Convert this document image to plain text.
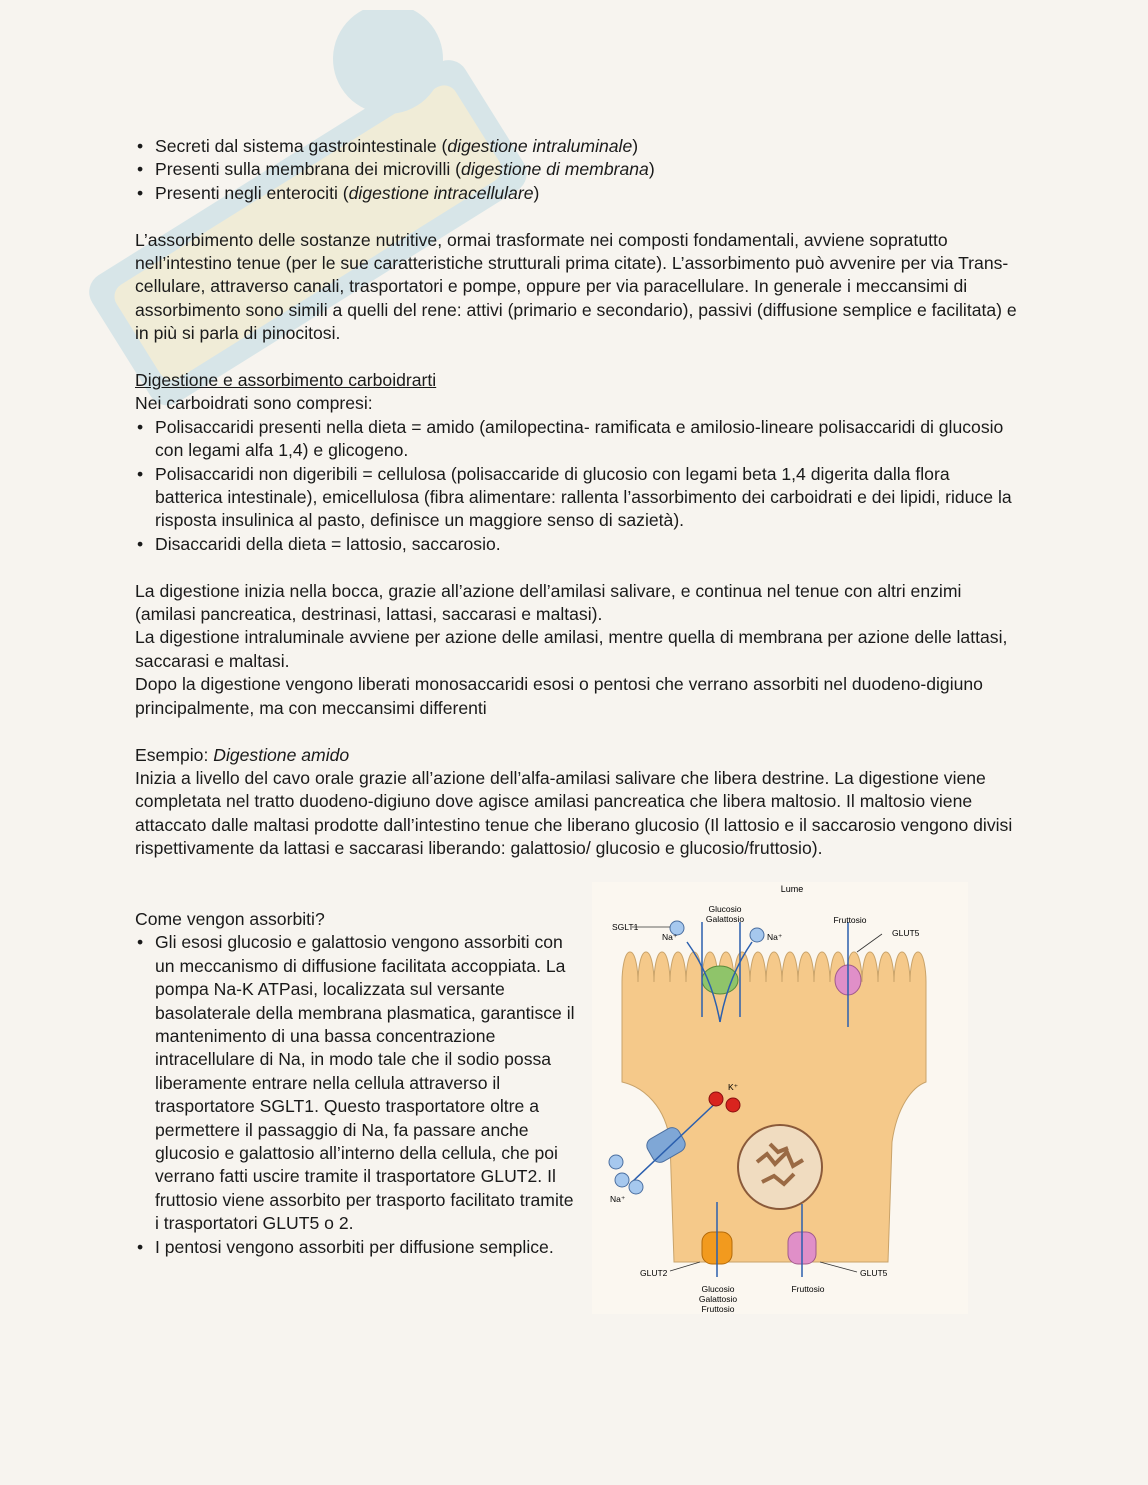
• Secreti dal sistema gastrointestinale (digestione intraluminale)
• Presenti sulla membrana dei microvilli (digestione di membrana)
• Presenti negli enterociti (digestione intracellulare)

L’assorbimento delle sostanze nutritive, ormai trasformate nei composti fondamentali, avviene sopratutto nell’intestino tenue (per le sue caratteristiche strutturali prima citate). L’assorbimento può avvenire per via Trans-cellulare, attraverso canali, trasportatori e pompe, oppure per via paracellulare. In generale i meccansimi di assorbimento sono simili a quelli del rene: attivi (primario e secondario), passivi (diffusione semplice e facilitata) e in più si parla di pinocitosi.

Digestione e assorbimento carboidrarti

Nei carboidrati sono compresi:

• Polisaccaridi presenti nella dieta = amido (amilopectina- ramificata e amilosio-lineare polisaccaridi di glucosio con legami alfa 1,4) e glicogeno.
• Polisaccaridi non digeribili = cellulosa (polisaccaride di glucosio con legami beta 1,4 digerita dalla flora batterica intestinale), emicellulosa (fibra alimentare: rallenta l’assorbimento dei carboidrati e dei lipidi, riduce la risposta insulinica al pasto, definisce un maggiore senso di sazietà).
• Disaccaridi della dieta = lattosio, saccarosio.

La digestione inizia nella bocca, grazie all’azione dell’amilasi salivare, e continua nel tenue con altri enzimi (amilasi pancreatica, destrinasi, lattasi, saccarasi e maltasi).

La digestione intraluminale avviene per azione delle amilasi, mentre quella di membrana per azione delle lattasi, saccarasi e maltasi.

Dopo la digestione vengono liberati monosaccaridi esosi o pentosi che verrano assorbiti nel duodeno-digiuno principalmente, ma con meccansimi differenti

Esempio: Digestione amido

Inizia a livello del cavo orale grazie all’azione dell’alfa-amilasi salivare che libera destrine. La digestione viene completata nel tratto duodeno-digiuno dove agisce amilasi pancreatica che libera maltosio. Il maltosio viene attaccato dalle maltasi prodotte dall’intestino tenue che liberano glucosio (Il lattosio e il saccarosio vengono divisi rispettivamente da lattasi e saccarasi liberando: galattosio/ glucosio e glucosio/fruttosio).

Come vengon assorbiti?

• Gli esosi glucosio e galattosio vengono assorbiti con un meccanismo di diffusione facilitata accoppiata. La pompa Na-K ATPasi, localizzata sul versante basolaterale della membrana plasmatica, garantisce il mantenimento di una bassa concentrazione intracellulare di Na, in modo tale che il sodio possa liberamente entrare nella cellula attraverso il trasportatore SGLT1. Questo trasportatore oltre a permettere il passaggio di Na, fa passare anche glucosio e galattosio all’interno della cellula, che poi verrano fatti uscire tramite il trasportatore GLUT2. Il fruttosio viene assorbito per trasporto facilitato tramite i trasportatori GLUT5 o 2.
• I pentosi vengono assorbiti per diffusione semplice.
Lume
Glucosio
Galattosio	Fruttosio
SGLT1
GLUT5
Na⁺	Na⁺
K⁺
Na⁺
GLUT2	GLUT5
Glucosio
Galattosio
Fruttosio
Fruttosio
